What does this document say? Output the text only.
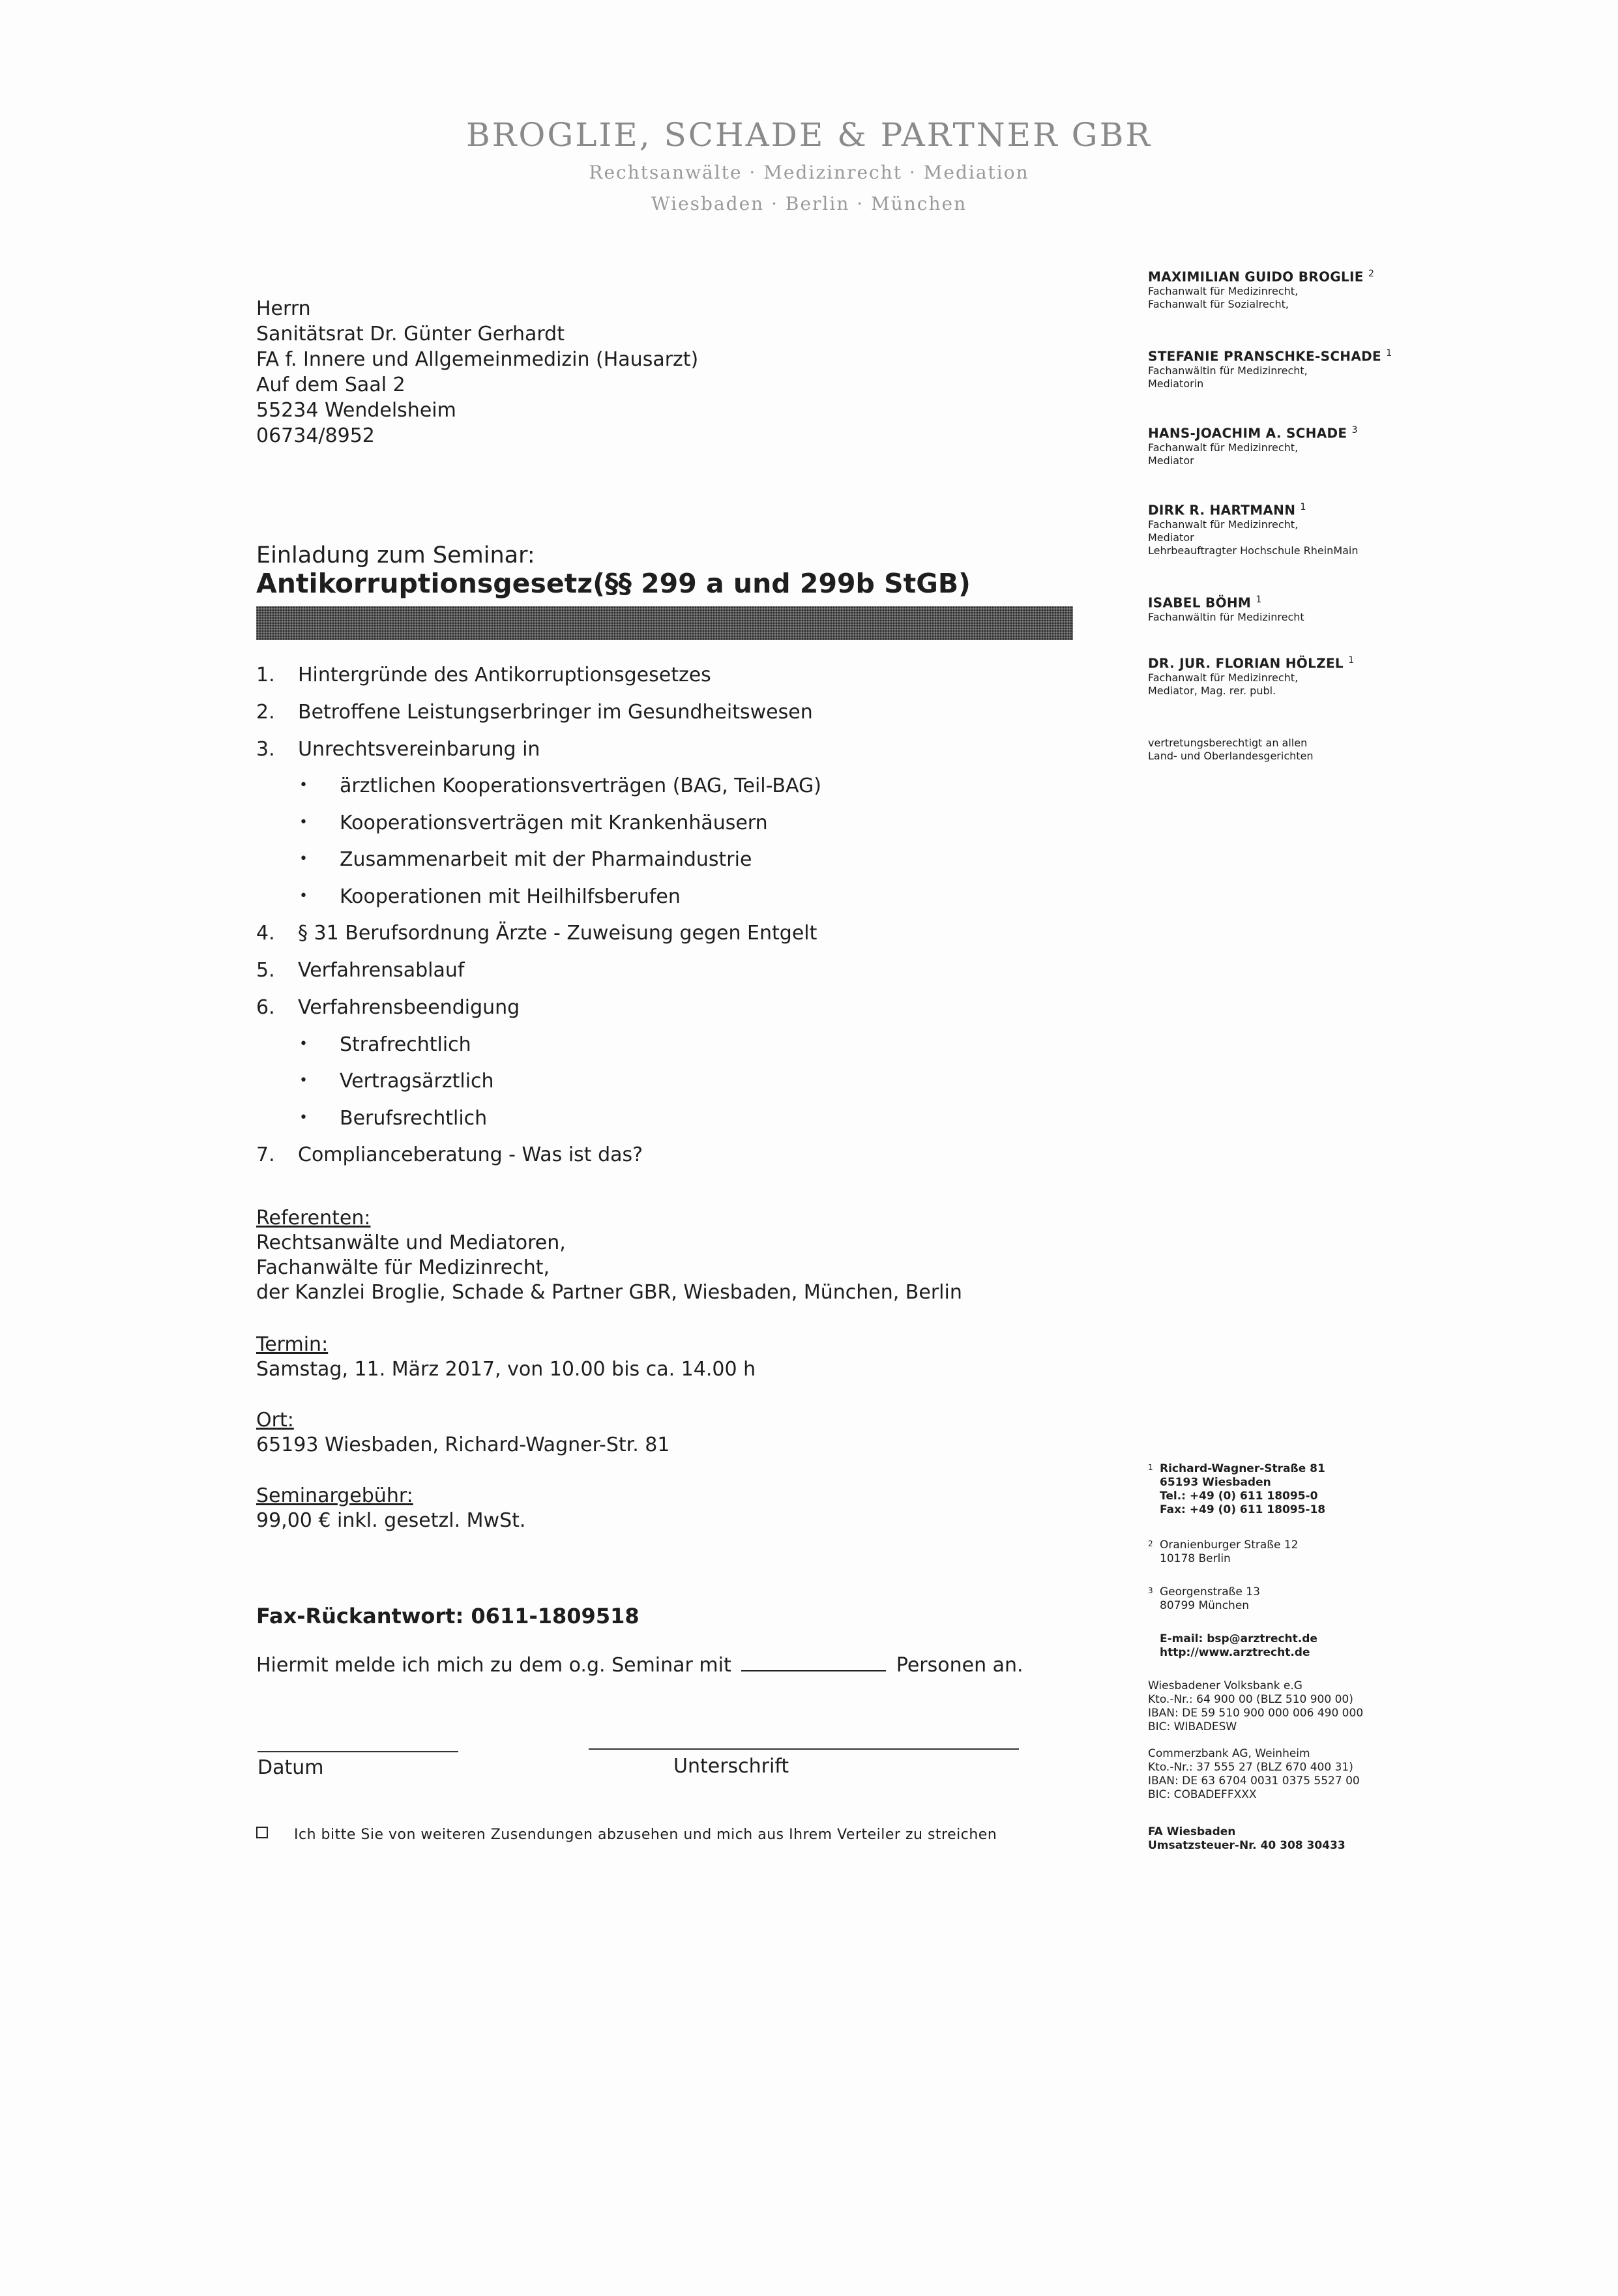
BROGLIE, SCHADE & PARTNER GBR
Rechtsanwälte · Medizinrecht · Mediation
Wiesbaden · Berlin · München
Herrn
Sanitätsrat Dr. Günter Gerhardt
FA f. Innere und Allgemeinmedizin (Hausarzt)
Auf dem Saal 2
55234 Wendelsheim
06734/8952
MAXIMILIAN GUIDO BROGLIE $^2$
Fachanwalt für Medizinrecht,
Fachanwalt für Sozialrecht,
STEFANIE PRANSCHKE-SCHADE $^1$
Fachanwältin für Medizinrecht,
Mediatorin
HANS-JOACHIM A. SCHADE $^3$
Fachanwalt für Medizinrecht,
Mediator
DIRK R. HARTMANN $^1$
Fachanwalt für Medizinrecht,
Mediator
Lehrbeauftragter Hochschule RheinMain
ISABEL BÖHM $^1$
Fachanwältin für Medizinrecht
DR. JUR. FLORIAN HÖLZEL $^1$
Fachanwalt für Medizinrecht,
Mediator, Mag. rer. publ.
vertretungsberechtigt an allen
Land- und Oberlandesgerichten
Einladung zum Seminar:
Antikorruptionsgesetz(§§ 299 a und 299b StGB)
1. Hintergründe des Antikorruptionsgesetzes
2. Betroffene Leistungserbringer im Gesundheitswesen
3. Unrechtsvereinbarung in
• ärztlichen Kooperationsverträgen (BAG, Teil-BAG)
• Kooperationsverträgen mit Krankenhäusern
• Zusammenarbeit mit der Pharmaindustrie
• Kooperationen mit Heilhilfsberufen
4. § 31 Berufsordnung Ärzte - Zuweisung gegen Entgelt
5. Verfahrensablauf
6. Verfahrensbeendigung
• Strafrechtlich
• Vertragsärztlich
• Berufsrechtlich
7. Complianceberatung - Was ist das?
Referenten:
Rechtsanwälte und Mediatoren,
Fachanwälte für Medizinrecht,
der Kanzlei Broglie, Schade & Partner GBR, Wiesbaden, München, Berlin
Termin:
Samstag, 11. März 2017, von 10.00 bis ca. 14.00 h
Ort:
65193 Wiesbaden, Richard-Wagner-Str. 81
Seminargebühr:
99,00 € inkl. gesetzl. MwSt.
Fax-Rückantwort: 0611-1809518
Hiermit melde ich mich zu dem o.g. Seminar mit	Personen an.
Datum	Unterschrift
Ich bitte Sie von weiteren Zusendungen abzusehen und mich aus Ihrem Verteiler zu streichen
1 Richard-Wagner-Straße 81
65193 Wiesbaden
Tel.: +49 (0) 611 18095-0
Fax: +49 (0) 611 18095-18
2 Oranienburger Straße 12
10178 Berlin
3 Georgenstraße 13
80799 München
E-mail: bsp@arztrecht.de
http://www.arztrecht.de
Wiesbadener Volksbank e.G
Kto.-Nr.: 64 900 00 (BLZ 510 900 00)
IBAN: DE 59 510 900 000 006 490 000
BIC: WIBADESW
Commerzbank AG, Weinheim
Kto.-Nr.: 37 555 27 (BLZ 670 400 31)
IBAN: DE 63 6704 0031 0375 5527 00
BIC: COBADEFFXXX
FA Wiesbaden
Umsatzsteuer-Nr. 40 308 30433
